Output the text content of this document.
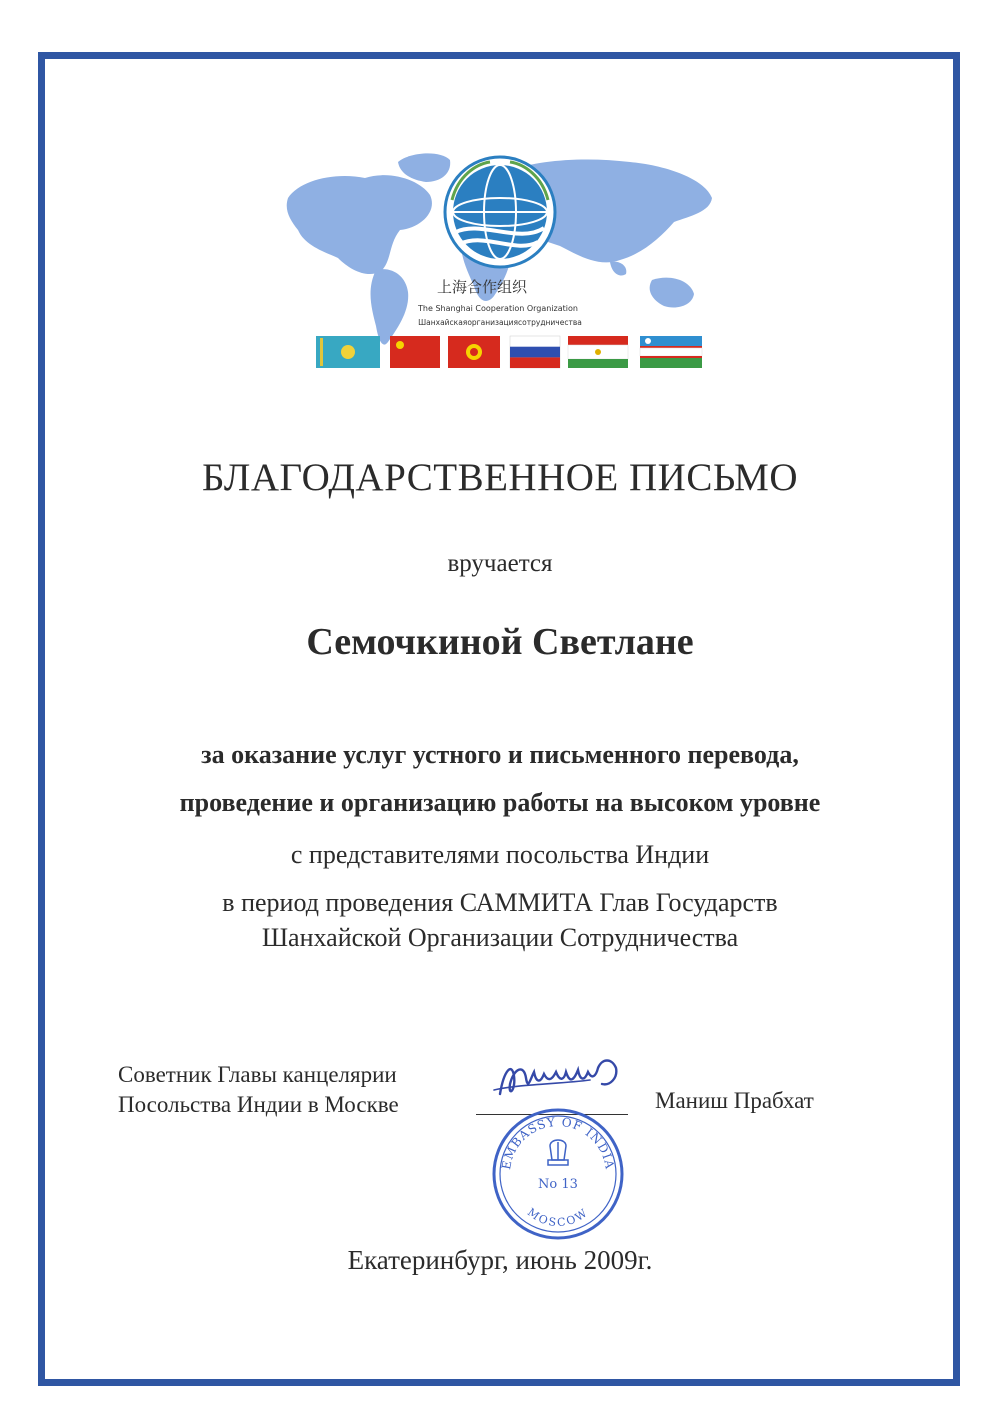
上海合作组织
The Shanghai Cooperation Organization
Шанхайскаяорганизациясотрудничества
БЛАГОДАРСТВЕННОЕ ПИСЬМО
вручается
Семочкиной Светлане
за оказание услуг устного и письменного перевода,
проведение и организацию работы на высоком уровне
с представителями посольства Индии
в период проведения САММИТА Глав Государств
Шанхайской Организации Сотрудничества
Советник Главы канцелярии
Посольства Индии в Москве	Маниш Прабхат
EMBASSY OF INDIA
No 13
MOSCOW
Екатеринбург, июнь 2009г.
